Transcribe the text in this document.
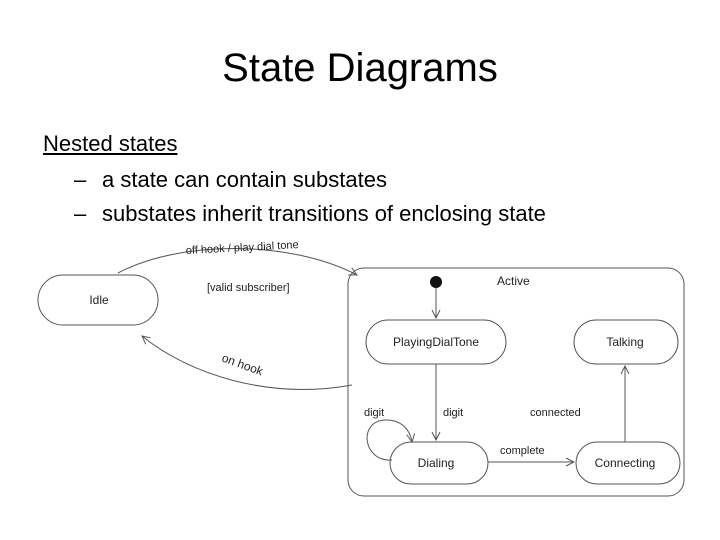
State Diagrams
Nested states
– a state can contain substates
– substates inherit transitions of enclosing state
Idle
Active
PlayingDialTone	Talking
Dialing	Connecting
off hook / play dial tone
[valid subscriber]
on hook
digit
digit
complete
connected
